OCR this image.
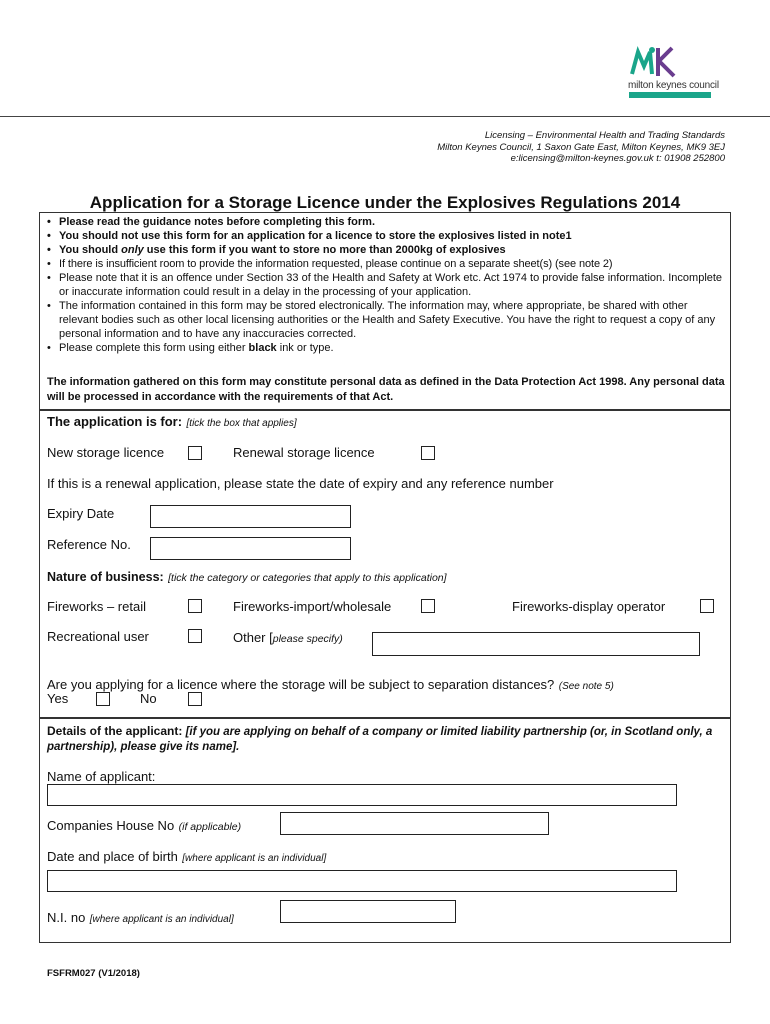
milton keynes council
Licensing – Environmental Health and Trading Standards
Milton Keynes Council, 1 Saxon Gate East, Milton Keynes, MK9 3EJ
e:licensing@milton-keynes.gov.uk t: 01908 252800
Application for a Storage Licence under the Explosives Regulations 2014
• Please read the guidance notes before completing this form.
• You should not use this form for an application for a licence to store the explosives listed in note1
• You should only use this form if you want to store no more than 2000kg of explosives
• If there is insufficient room to provide the information requested, please continue on a separate sheet(s) (see note 2)
• Please note that it is an offence under Section 33 of the Health and Safety at Work etc. Act 1974 to provide false information. Incomplete or inaccurate information could result in a delay in the processing of your application.
• The information contained in this form may be stored electronically. The information may, where appropriate, be shared with other relevant bodies such as other local licensing authorities or the Health and Safety Executive. You have the right to request a copy of any personal information and to have any inaccuracies corrected.
• Please complete this form using either black ink or type.
The information gathered on this form may constitute personal data as defined in the Data Protection Act 1998. Any personal data will be processed in accordance with the requirements of that Act.
The application is for: [tick the box that applies]
New storage licence	Renewal storage licence
If this is a renewal application, please state the date of expiry and any reference number
Expiry Date
Reference No.
Nature of business: [tick the category or categories that apply to this application]
Fireworks – retail	Fireworks-import/wholesale	Fireworks-display operator
Recreational user	Other [please specify)
Are you applying for a licence where the storage will be subject to separation distances? (See note 5)
Yes	No
Details of the applicant: [if you are applying on behalf of a company or limited liability partnership (or, in Scotland only, a partnership), please give its name].
Name of applicant:
Companies House No (if applicable)
Date and place of birth [where applicant is an individual]
N.I. no [where applicant is an individual]
FSFRM027 (V1/2018)
